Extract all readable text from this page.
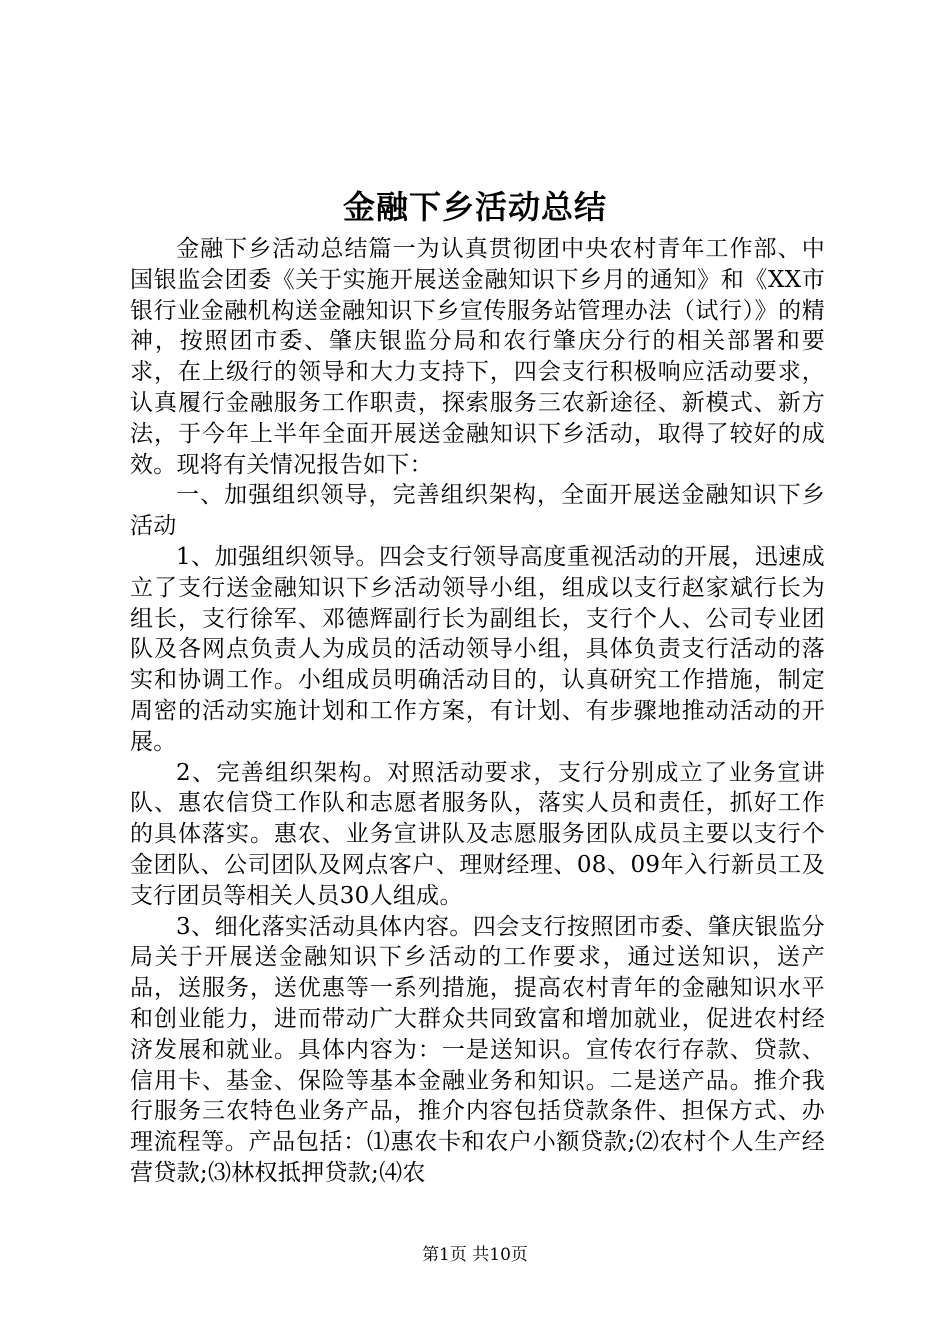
金融下乡活动总结

金融下乡活动总结篇一为认真贯彻团中央农村青年工作部、中国银监会团委《关于实施开展送金融知识下乡月的通知》和《XX市银行业金融机构送金融知识下乡宣传服务站管理办法（试行）》的精神，按照团市委、肇庆银监分局和农行肇庆分行的相关部署和要求，在上级行的领导和大力支持下，四会支行积极响应活动要求，认真履行金融服务工作职责，探索服务三农新途径、新模式、新方法，于今年上半年全面开展送金融知识下乡活动，取得了较好的成效。现将有关情况报告如下：

一、加强组织领导，完善组织架构，全面开展送金融知识下乡活动

1、加强组织领导。四会支行领导高度重视活动的开展，迅速成立了支行送金融知识下乡活动领导小组，组成以支行赵家斌行长为组长，支行徐军、邓德辉副行长为副组长，支行个人、公司专业团队及各网点负责人为成员的活动领导小组，具体负责支行活动的落实和协调工作。小组成员明确活动目的，认真研究工作措施，制定周密的活动实施计划和工作方案，有计划、有步骤地推动活动的开展。

2、完善组织架构。对照活动要求，支行分别成立了业务宣讲队、惠农信贷工作队和志愿者服务队，落实人员和责任，抓好工作的具体落实。惠农、业务宣讲队及志愿服务团队成员主要以支行个金团队、公司团队及网点客户、理财经理、08、09年入行新员工及支行团员等相关人员30人组成。

3、细化落实活动具体内容。四会支行按照团市委、肇庆银监分局关于开展送金融知识下乡活动的工作要求，通过送知识，送产品，送服务，送优惠等一系列措施，提高农村青年的金融知识水平和创业能力，进而带动广大群众共同致富和增加就业，促进农村经济发展和就业。具体内容为：一是送知识。宣传农行存款、贷款、信用卡、基金、保险等基本金融业务和知识。二是送产品。推介我行服务三农特色业务产品，推介内容包括贷款条件、担保方式、办理流程等。产品包括：⑴惠农卡和农户小额贷款;⑵农村个人生产经营贷款;⑶林权抵押贷款;⑷农

第1页 共10页
